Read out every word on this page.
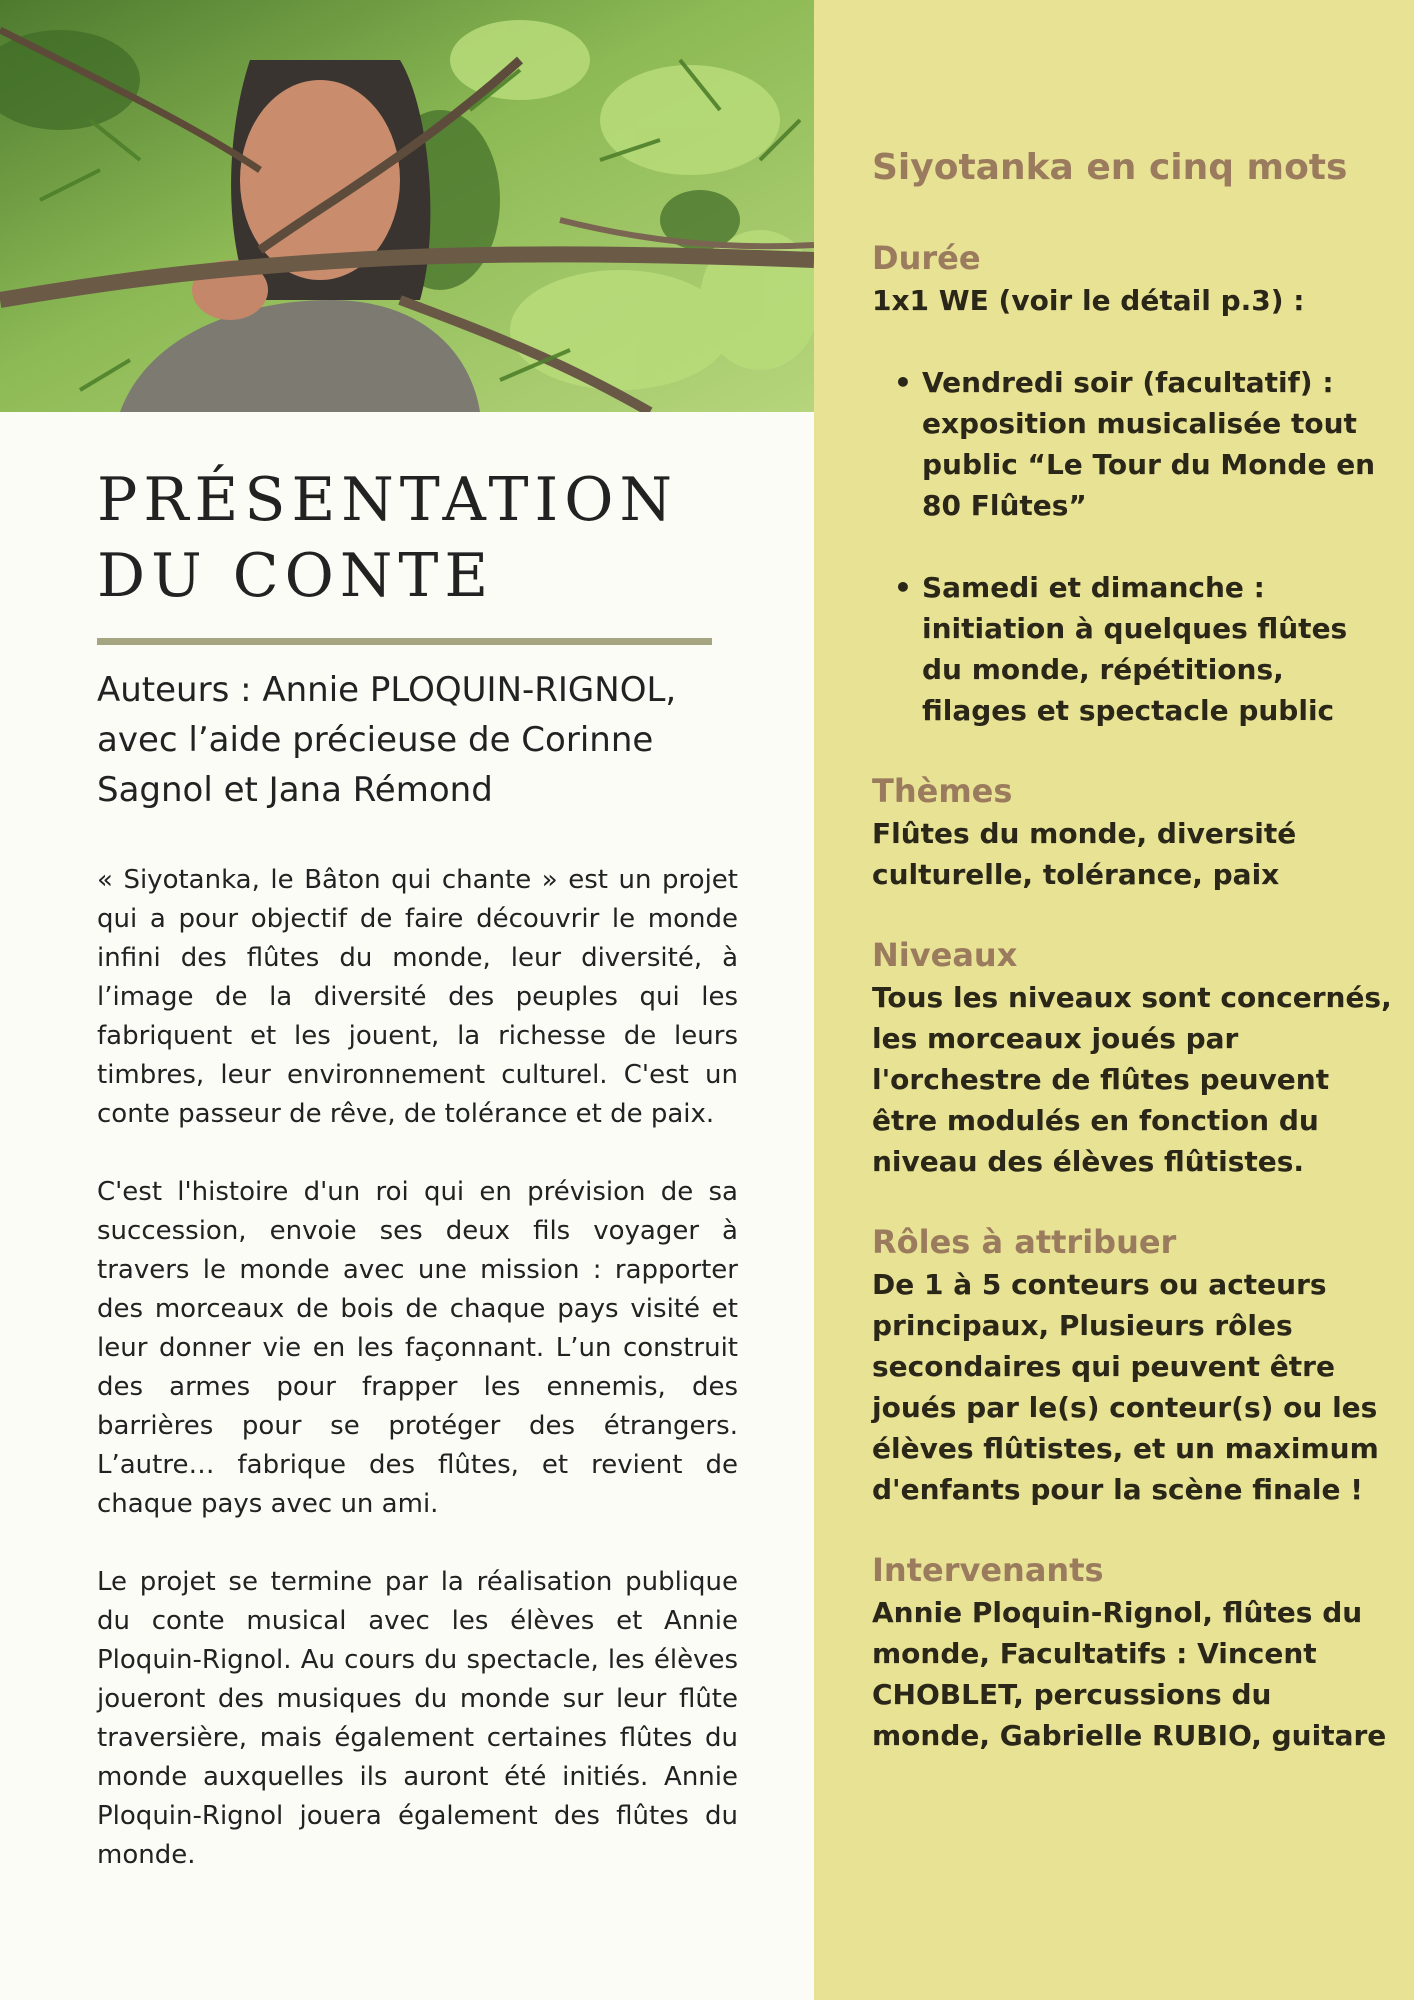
PRÉSENTATION
DU CONTE

Auteurs : Annie PLOQUIN-RIGNOL, avec l’aide précieuse de Corinne Sagnol et Jana Rémond

« Siyotanka, le Bâton qui chante » est un projet qui a pour objectif de faire découvrir le monde infini des flûtes du monde, leur diversité, à l’image de la diversité des peuples qui les fabriquent et les jouent, la richesse de leurs timbres, leur environnement culturel. C'est un conte passeur de rêve, de tolérance et de paix.

C'est l'histoire d'un roi qui en prévision de sa succession, envoie ses deux fils voyager à travers le monde avec une mission : rapporter des morceaux de bois de chaque pays visité et leur donner vie en les façonnant. L’un construit des armes pour frapper les ennemis, des barrières pour se protéger des étrangers. L’autre… fabrique des flûtes, et revient de chaque pays avec un ami.

Le projet se termine par la réalisation publique du conte musical avec les élèves et Annie Ploquin-Rignol. Au cours du spectacle, les élèves joueront des musiques du monde sur leur flûte traversière, mais également certaines flûtes du monde auxquelles ils auront été initiés. Annie Ploquin-Rignol jouera également des flûtes du monde.

Siyotanka en cinq mots
Durée

1x1 WE (voir le détail p.3) :

• Vendredi soir (facultatif) : exposition musicalisée tout public “Le Tour du Monde en 80 Flûtes”
• Samedi et dimanche : initiation à quelques flûtes du monde, répétitions, filages et spectacle public
Thèmes

Flûtes du monde, diversité culturelle, tolérance, paix

Niveaux

Tous les niveaux sont concernés, les morceaux joués par l'orchestre de flûtes peuvent être modulés en fonction du niveau des élèves flûtistes.

Rôles à attribuer

De 1 à 5 conteurs ou acteurs principaux, Plusieurs rôles secondaires qui peuvent être joués par le(s) conteur(s) ou les élèves flûtistes, et un maximum d'enfants pour la scène finale !

Intervenants

Annie Ploquin-Rignol, flûtes du monde, Facultatifs : Vincent CHOBLET, percussions du monde, Gabrielle RUBIO, guitare
